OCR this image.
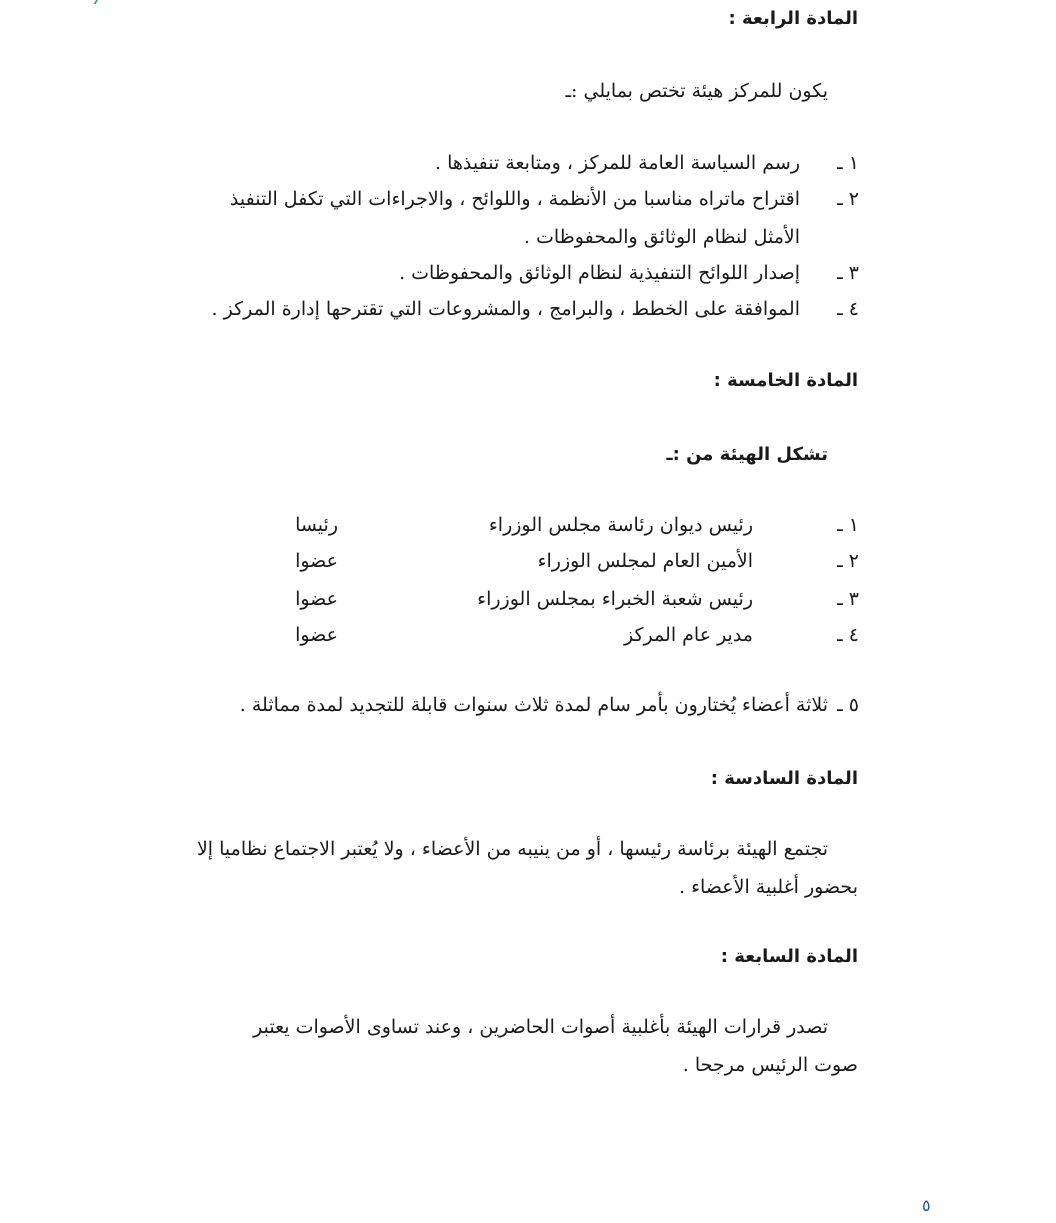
المادة الرابعة :
يكون للمركز هيئة تختص بمايلي :ـ
١ ـ
رسم السياسة العامة للمركز ، ومتابعة تنفيذها .
٢ ـ
اقتراح ماتراه مناسبا من الأنظمة ، واللوائح ، والاجراءات التي تكفل التنفيذ
الأمثل لنظام الوثائق والمحفوظات .
٣ ـ
إصدار اللوائح التنفيذية لنظام الوثائق والمحفوظات .
٤ ـ
الموافقة على الخطط ، والبرامج ، والمشروعات التي تقترحها إدارة المركز .
المادة الخامسة :
تشكل الهيئة من :ـ
١ ـ
رئيس ديوان رئاسة مجلس الوزراء
رئيسا
٢ ـ
الأمين العام لمجلس الوزراء
عضوا
٣ ـ
رئيس شعبة الخبراء بمجلس الوزراء
عضوا
٤ ـ
مدير عام المركز
عضوا
٥ ـ
ثلاثة أعضاء يُختارون بأمر سام لمدة ثلاث سنوات قابلة للتجديد لمدة مماثلة .
المادة السادسة :
تجتمع الهيئة برئاسة رئيسها ، أو من ينيبه من الأعضاء ، ولا يُعتبر الاجتماع نظاميا إلا
بحضور أغلبية الأعضاء .
المادة السابعة :
تصدر قرارات الهيئة بأغلبية أصوات الحاضرين ، وعند تساوى الأصوات يعتبر
صوت الرئيس مرجحا .
٥
